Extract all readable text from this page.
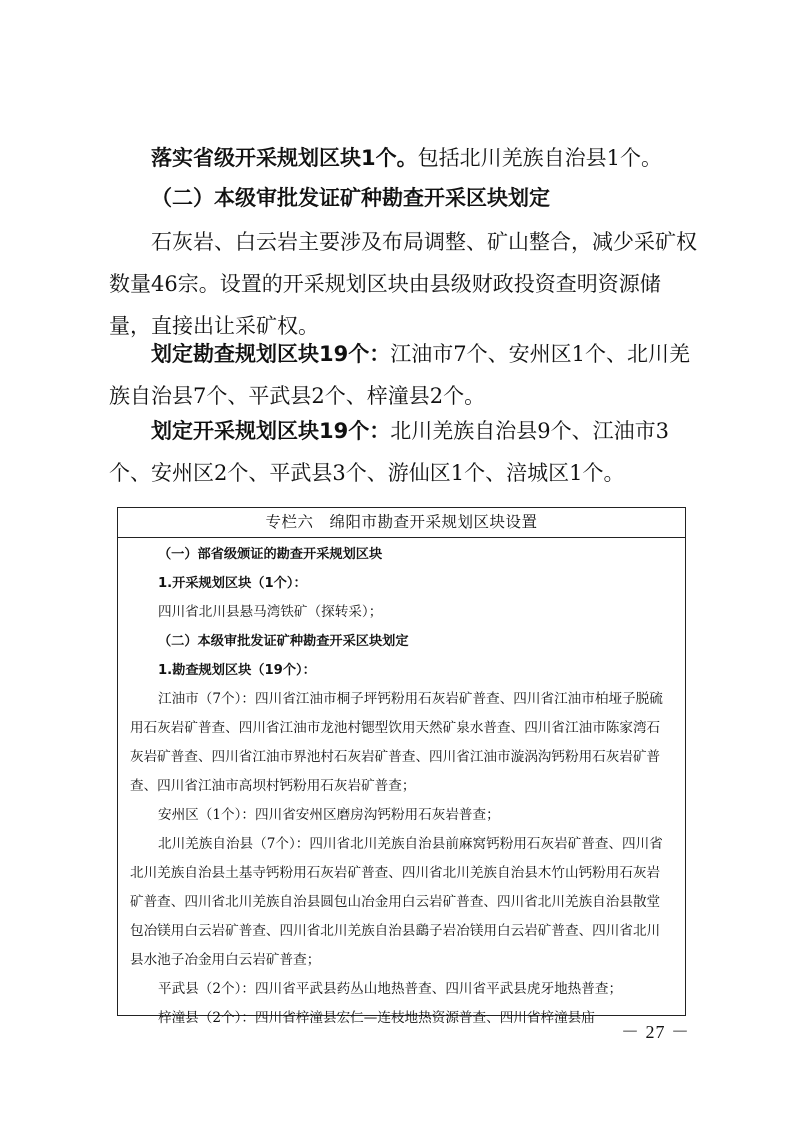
落实省级开采规划区块1个。包括北川羌族自治县1个。

（二）本级审批发证矿种勘查开采区块划定

石灰岩、白云岩主要涉及布局调整、矿山整合，减少采矿权数量46宗。设置的开采规划区块由县级财政投资查明资源储量，直接出让采矿权。

划定勘查规划区块19个：江油市7个、安州区1个、北川羌族自治县7个、平武县2个、梓潼县2个。

划定开采规划区块19个：北川羌族自治县9个、江油市3个、安州区2个、平武县3个、游仙区1个、涪城区1个。

专栏六　绵阳市勘查开采规划区块设置

（一）部省级颁证的勘查开采规划区块

1.开采规划区块（1个）：

四川省北川县悬马湾铁矿（探转采）；

（二）本级审批发证矿种勘查开采区块划定

1.勘查规划区块（19个）：

江油市（7个）：四川省江油市桐子坪钙粉用石灰岩矿普查、四川省江油市柏垭子脱硫用石灰岩矿普查、四川省江油市龙池村锶型饮用天然矿泉水普查、四川省江油市陈家湾石灰岩矿普查、四川省江油市界池村石灰岩矿普查、四川省江油市漩涡沟钙粉用石灰岩矿普查、四川省江油市高坝村钙粉用石灰岩矿普查；

安州区（1个）：四川省安州区磨房沟钙粉用石灰岩普查；

北川羌族自治县（7个）：四川省北川羌族自治县前麻窝钙粉用石灰岩矿普查、四川省北川羌族自治县土基寺钙粉用石灰岩矿普查、四川省北川羌族自治县木竹山钙粉用石灰岩矿普查、四川省北川羌族自治县圆包山冶金用白云岩矿普查、四川省北川羌族自治县散堂包冶镁用白云岩矿普查、四川省北川羌族自治县鷂子岩冶镁用白云岩矿普查、四川省北川县水池子冶金用白云岩矿普查；

平武县（2个）：四川省平武县药丛山地热普查、四川省平武县虎牙地热普查；

梓潼县（2个）：四川省梓潼县宏仁—连枝地热资源普查、四川省梓潼县庙

－ 27 －
